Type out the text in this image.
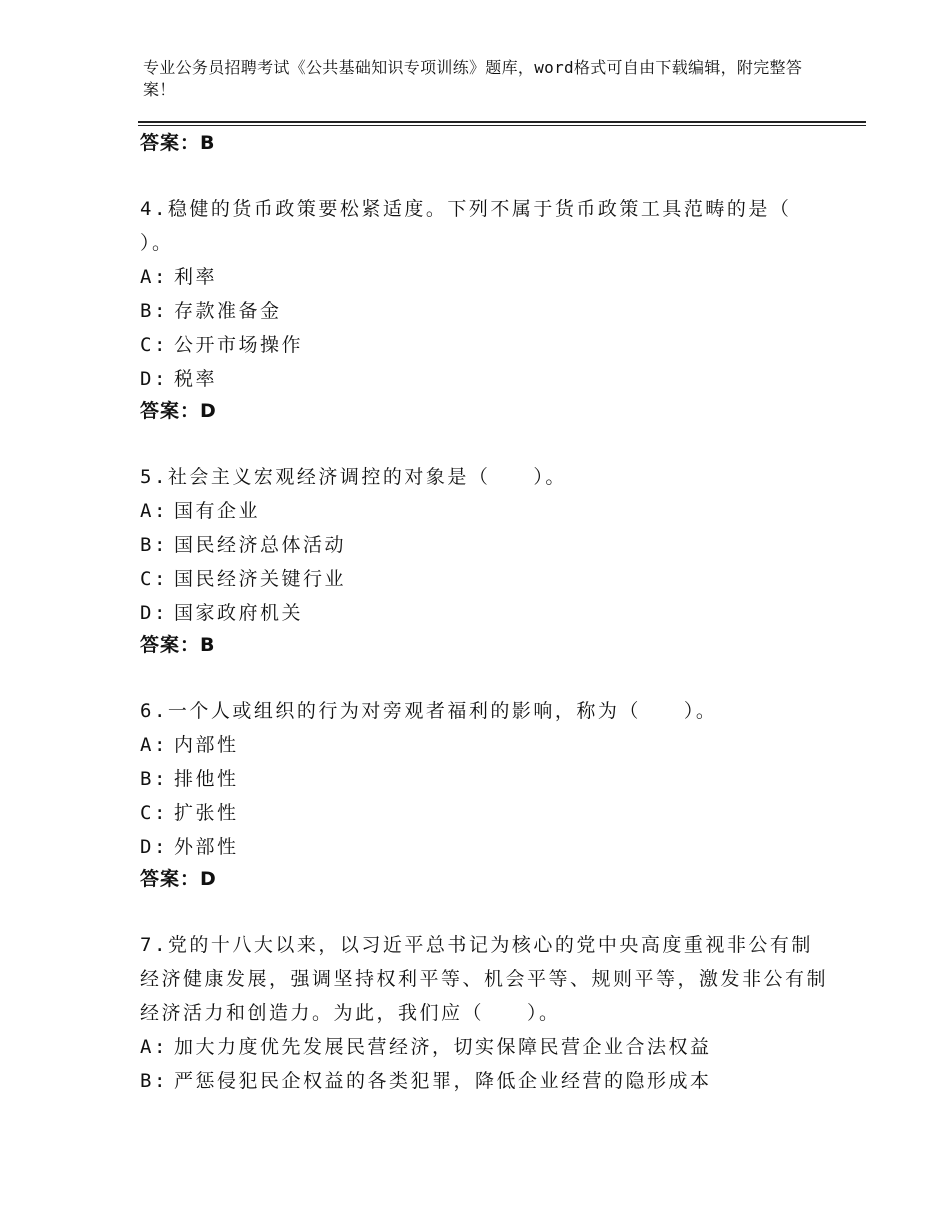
专业公务员招聘考试《公共基础知识专项训练》题库，word格式可自由下载编辑，附完整答案！
答案：B
4.稳健的货币政策要松紧适度。下列不属于货币政策工具范畴的是（ ）。
A: 利率
B: 存款准备金
C: 公开市场操作
D: 税率
答案：D
5.社会主义宏观经济调控的对象是（　　）。
A: 国有企业
B: 国民经济总体活动
C: 国民经济关键行业
D: 国家政府机关
答案：B
6.一个人或组织的行为对旁观者福利的影响，称为（　　）。
A: 内部性
B: 排他性
C: 扩张性
D: 外部性
答案：D
7.党的十八大以来，以习近平总书记为核心的党中央高度重视非公有制经济健康发展，强调坚持权利平等、机会平等、规则平等，激发非公有制经济活力和创造力。为此，我们应（　　）。
A: 加大力度优先发展民营经济，切实保障民营企业合法权益
B: 严惩侵犯民企权益的各类犯罪，降低企业经营的隐形成本
